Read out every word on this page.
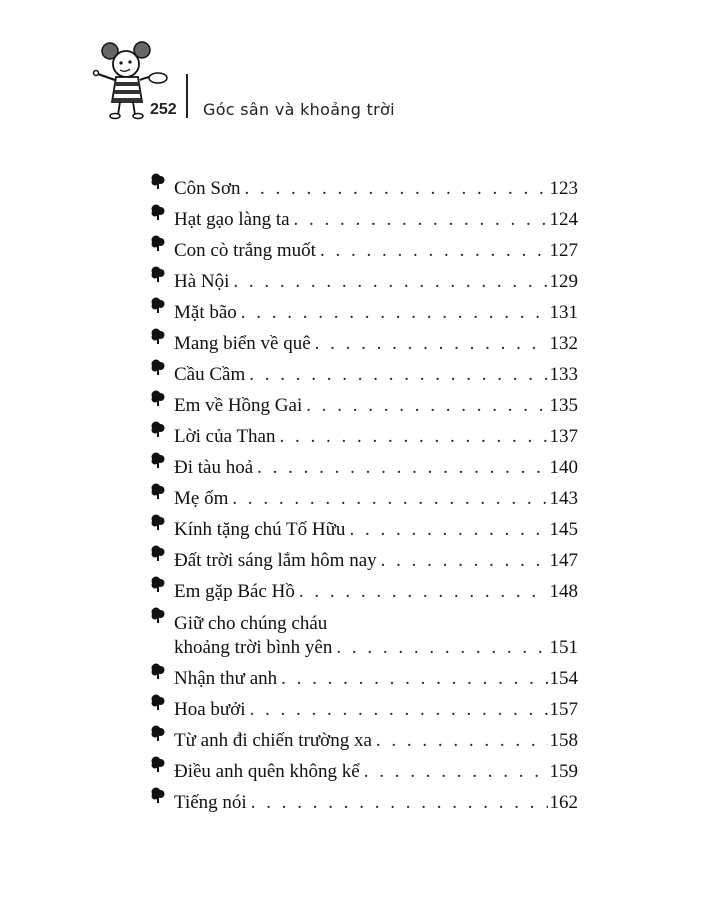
252 Góc sân và khoảng trời
Côn Sơn . . .	123
Hạt gạo làng ta . . .	124
Con cò trắng muốt . . .	127
Hà Nội . . .	129
Mặt bão . . .	131
Mang biển về quê . . .	132
Cầu Cầm . . .	133
Em về Hồng Gai . . .	135
Lời của Than . . .	137
Đi tàu hoả . . .	140
Mẹ ốm . . .	143
Kính tặng chú Tố Hữu . . .	145
Đất trời sáng lắm hôm nay . . .	147
Em gặp Bác Hồ . . .	148
Giữ cho chúng cháu
khoảng trời bình yên . . .	151
Nhận thư anh . . .	154
Hoa bưởi . . .	157
Từ anh đi chiến trường xa . . .	158
Điều anh quên không kể . . .	159
Tiếng nói . . .	162
